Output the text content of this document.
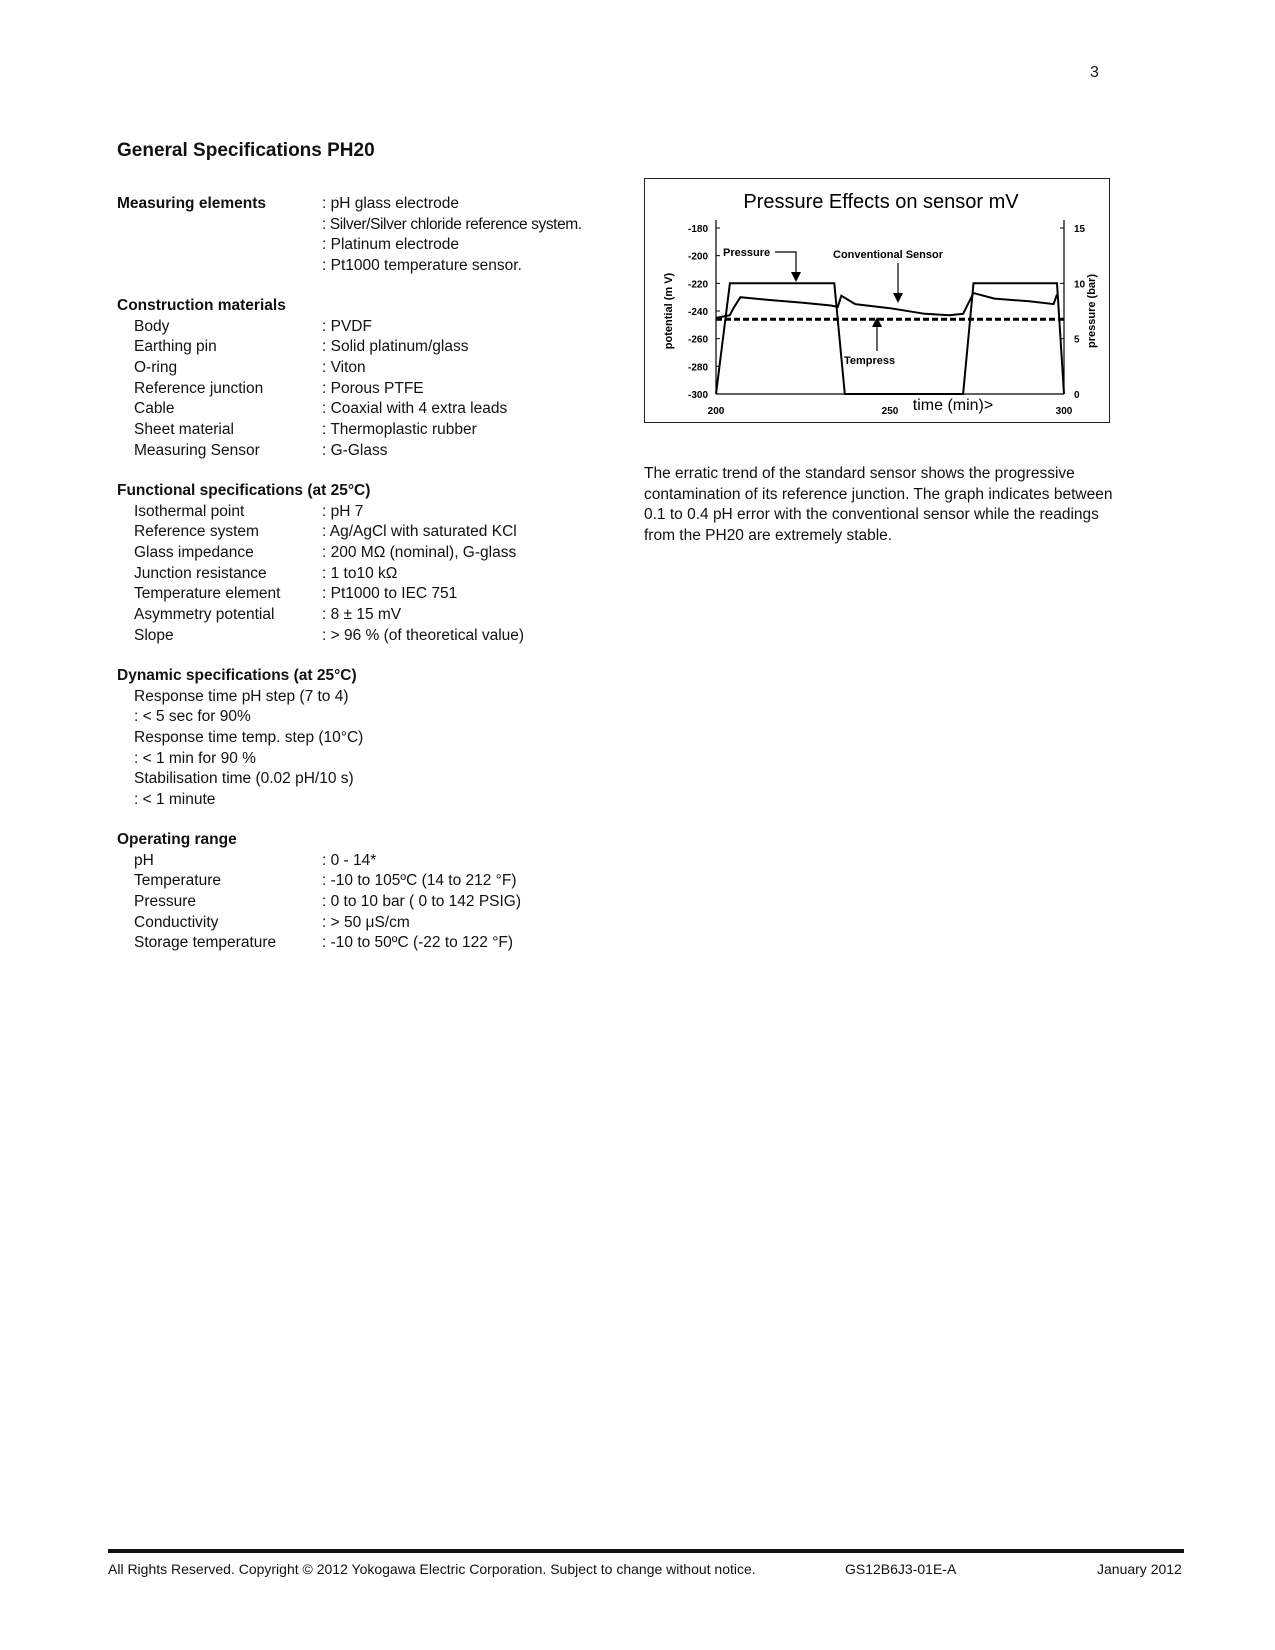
3
General Specifications PH20
Measuring elements	: pH glass electrode
: Silver/Silver chloride reference system.
: Platinum electrode
: Pt1000 temperature sensor.
Construction materials
Body	: PVDF
Earthing pin	: Solid platinum/glass
O-ring	: Viton
Reference junction	: Porous PTFE
Cable	: Coaxial with 4 extra leads
Sheet material	: Thermoplastic rubber
Measuring Sensor	: G-Glass
Functional specifications (at 25°C)
Isothermal point	: pH 7
Reference system	: Ag/AgCl with saturated KCl
Glass impedance	: 200 MΩ (nominal), G-glass
Junction resistance	: 1 to10 kΩ
Temperature element	: Pt1000 to IEC 751
Asymmetry potential	: 8 ± 15 mV
Slope	: > 96 % (of theoretical value)
Dynamic specifications (at 25°C)
Response time pH step (7 to 4)
: < 5 sec for 90%
Response time temp. step (10°C)
: < 1 min for 90 %
Stabilisation time (0.02 pH/10 s)
: < 1 minute
Operating range
pH	: 0 - 14*
Temperature	: -10 to 105ºC (14 to 212 °F)
Pressure	: 0 to 10 bar ( 0 to 142 PSIG)
Conductivity	: > 50 μS/cm
Storage temperature	: -10 to 50ºC (-22 to 122 °F)
Pressure Effects on sensor mV
-180
-200
-220
-240
-260
-280
-300
15
10
5
0
200	250	300
time (min)>
potential (m V)	pressure (bar)
Pressure	Conventional Sensor
Tempress

The erratic trend of the standard sensor shows the progressive contamination of its reference junction. The graph indicates between 0.1 to 0.4 pH error with the conventional sensor while the readings from the PH20 are extremely stable.

All Rights Reserved. Copyright © 2012 Yokogawa Electric Corporation. Subject to change without notice.	GS12B6J3-01E-A	January 2012
